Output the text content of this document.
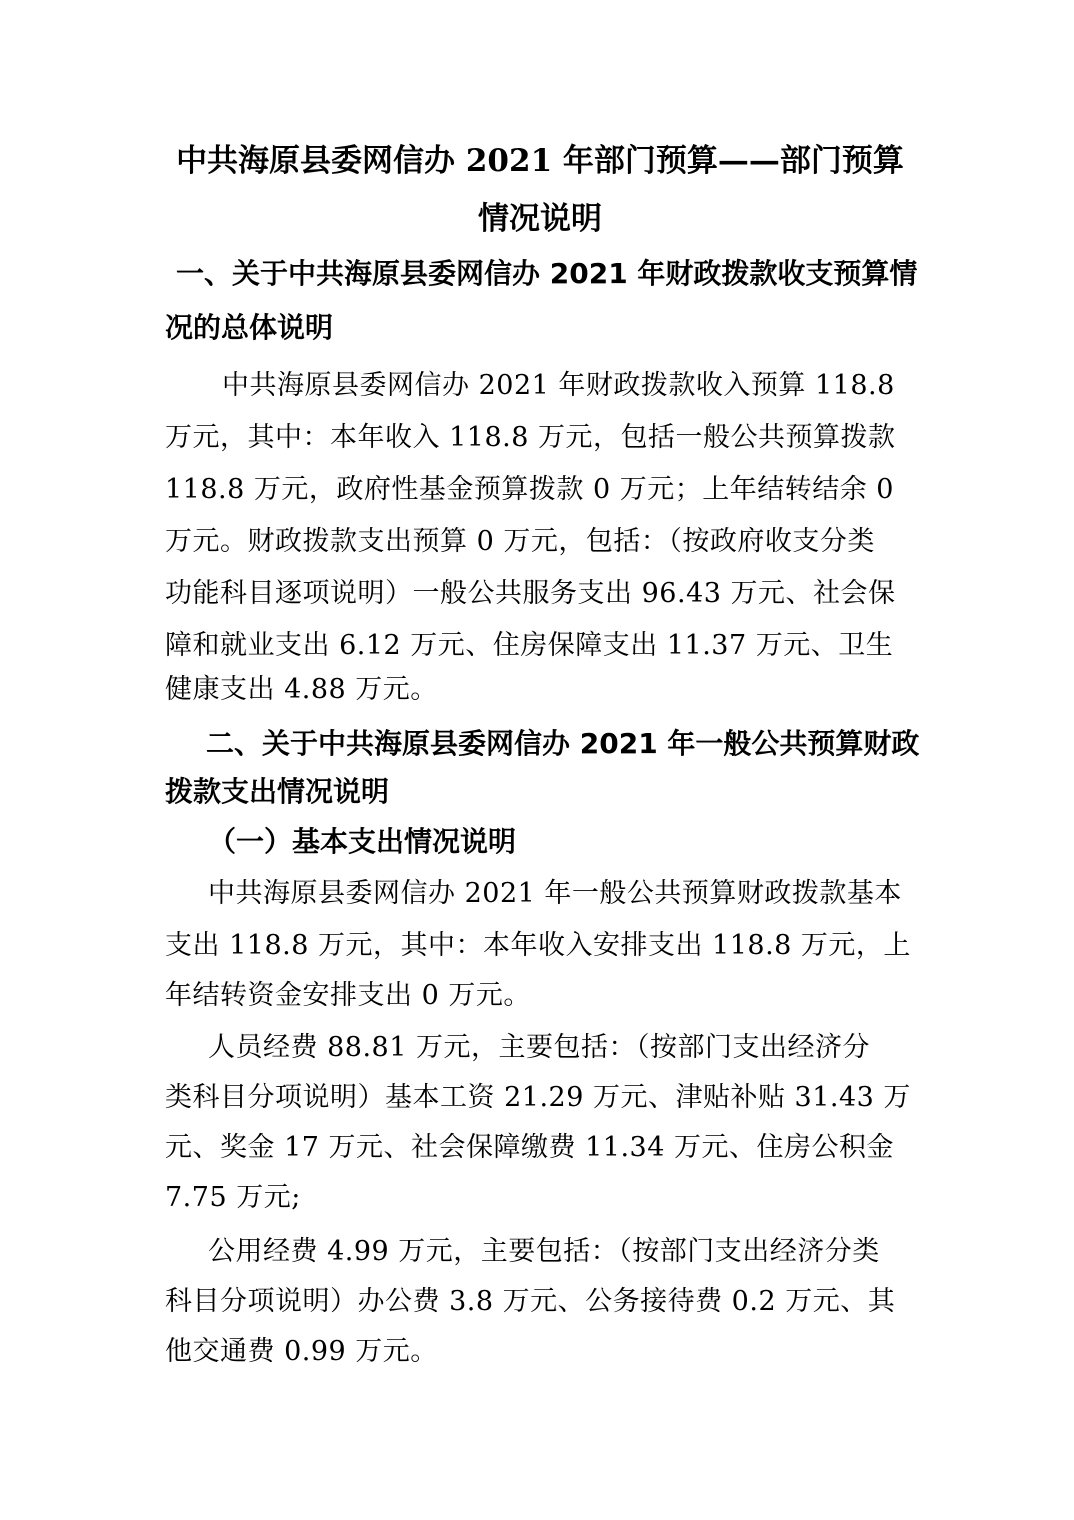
中共海原县委网信办 2021 年部门预算——部门预算
情况说明
一、关于中共海原县委网信办 2021 年财政拨款收支预算情
况的总体说明
中共海原县委网信办 2021 年财政拨款收入预算 118.8
万元，其中：本年收入 118.8 万元，包括一般公共预算拨款
118.8 万元，政府性基金预算拨款 0 万元；上年结转结余 0
万元。财政拨款支出预算 0 万元，包括：（按政府收支分类
功能科目逐项说明）一般公共服务支出 96.43 万元、社会保
障和就业支出 6.12 万元、住房保障支出 11.37 万元、卫生
健康支出 4.88 万元。
二、关于中共海原县委网信办 2021 年一般公共预算财政
拨款支出情况说明
（一）基本支出情况说明
中共海原县委网信办 2021 年一般公共预算财政拨款基本
支出 118.8 万元，其中：本年收入安排支出 118.8 万元，上
年结转资金安排支出 0 万元。
人员经费 88.81 万元，主要包括：（按部门支出经济分
类科目分项说明）基本工资 21.29 万元、津贴补贴 31.43 万
元、奖金 17 万元、社会保障缴费 11.34 万元、住房公积金
7.75 万元;
公用经费 4.99 万元，主要包括：（按部门支出经济分类
科目分项说明）办公费 3.8 万元、公务接待费 0.2 万元、其
他交通费 0.99 万元。
